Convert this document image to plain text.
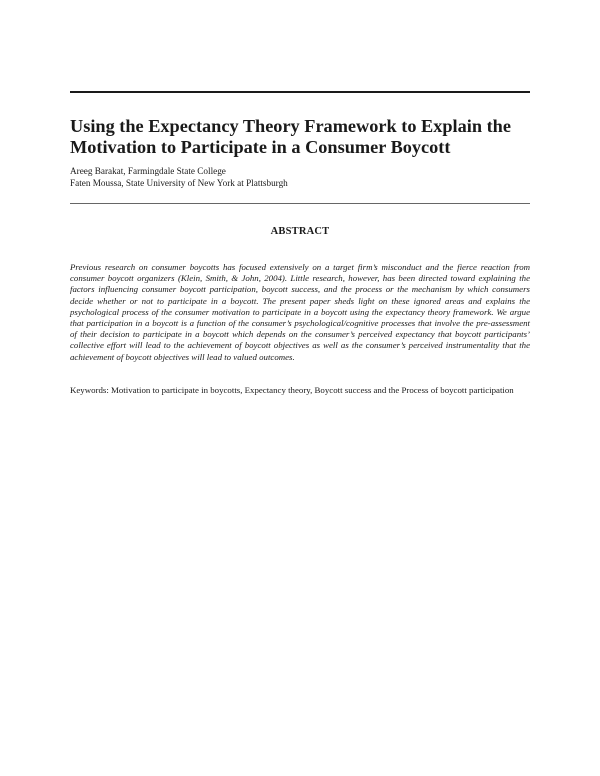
Using the Expectancy Theory Framework to Explain the Motivation to Participate in a Consumer Boycott
Areeg Barakat, Farmingdale State College
Faten Moussa, State University of New York at Plattsburgh
ABSTRACT

Previous research on consumer boycotts has focused extensively on a target firm’s misconduct and the fierce reaction from consumer boycott organizers (Klein, Smith, & John, 2004). Little research, however, has been directed toward explaining the factors influencing consumer boycott participation, boycott success, and the process or the mechanism by which consumers decide whether or not to participate in a boycott. The present paper sheds light on these ignored areas and explains the psychological process of the consumer motivation to participate in a boycott using the expectancy theory framework. We argue that participation in a boycott is a function of the consumer’s psychological/cognitive processes that involve the pre-assessment of their decision to participate in a boycott which depends on the consumer’s perceived expectancy that boycott participants’ collective effort will lead to the achievement of boycott objectives as well as the consumer’s perceived instrumentality that the achievement of boycott objectives will lead to valued outcomes.

Keywords: Motivation to participate in boycotts, Expectancy theory, Boycott success and the Process of boycott participation
